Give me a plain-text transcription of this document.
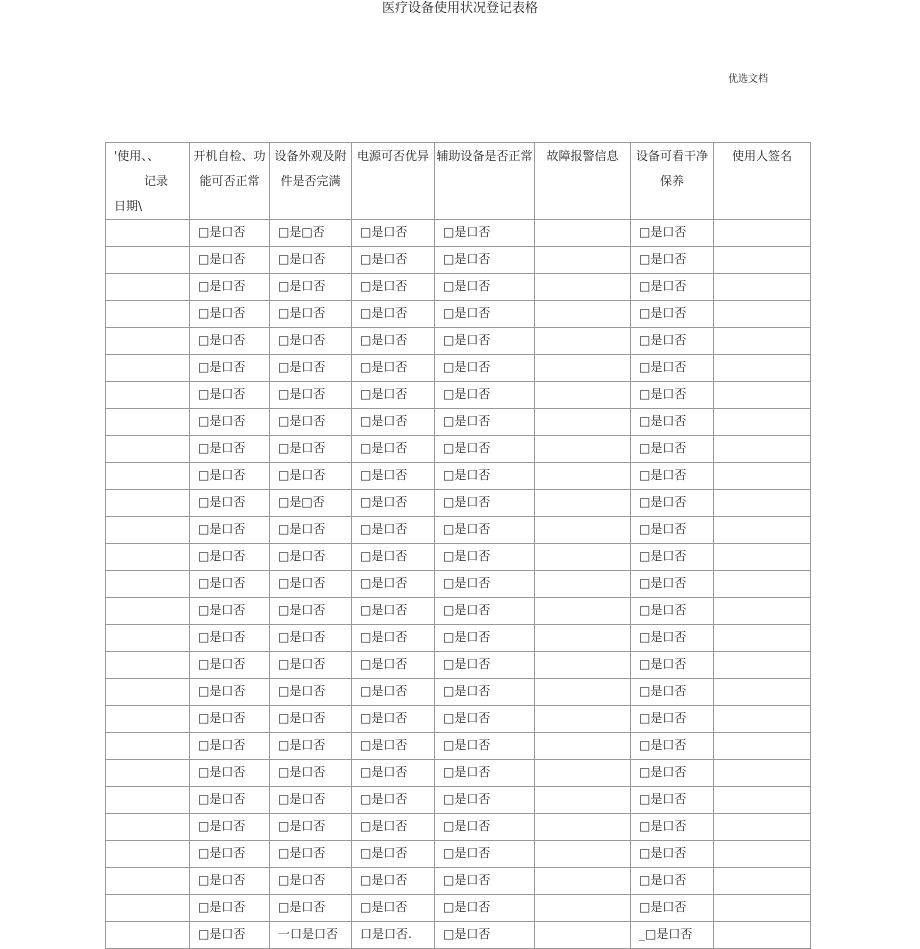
医疗设备使用状况登记表格
优选文档
'使用、、
记录
日期\	开机自检、功能可否正常	设备外观及附件是否完满	电源可否优异	辅助设备是否正常	故障报警信息	设备可看干净保养	使用人签名
	□是口否	□是□否	□是口否	□是口否		□是口否	
	□是口否	□是口否	□是口否	□是口否		□是口否	
	□是口否	□是口否	□是口否	□是口否		□是口否	
	□是口否	□是口否	□是口否	□是口否		□是口否	
	□是口否	□是口否	□是口否	□是口否		□是口否	
	□是口否	□是口否	□是口否	□是口否		□是口否	
	□是口否	□是口否	□是口否	□是口否		□是口否	
	□是口否	□是口否	□是口否	□是口否		□是口否	
	□是口否	□是口否	□是口否	□是口否		□是口否	
	□是口否	□是口否	□是口否	□是口否		□是口否	
	□是口否	□是□否	□是口否	□是口否		□是口否	
	□是口否	□是口否	□是口否	□是口否		□是口否	
	□是口否	□是口否	□是口否	□是口否		□是口否	
	□是口否	□是口否	□是口否	□是口否		□是口否	
	□是口否	□是口否	□是口否	□是口否		□是口否	
	□是口否	□是口否	□是口否	□是口否		□是口否	
	□是口否	□是口否	□是口否	□是口否		□是口否	
	□是口否	□是口否	□是口否	□是口否		□是口否	
	□是口否	□是口否	□是口否	□是口否		□是口否	
	□是口否	□是口否	□是口否	□是口否		□是口否	
	□是口否	□是口否	□是口否	□是口否		□是口否	
	□是口否	□是口否	□是口否	□是口否		□是口否	
	□是口否	□是口否	□是口否	□是口否		□是口否	
	□是口否	□是口否	□是口否	□是口否		□是口否	
	□是口否	□是口否	□是口否	□是口否		□是口否	
	□是口否	□是口否	□是口否	□是口否		□是口否	
	□是口否	一口是口否	口是口否.	□是口否		_□是口否	
